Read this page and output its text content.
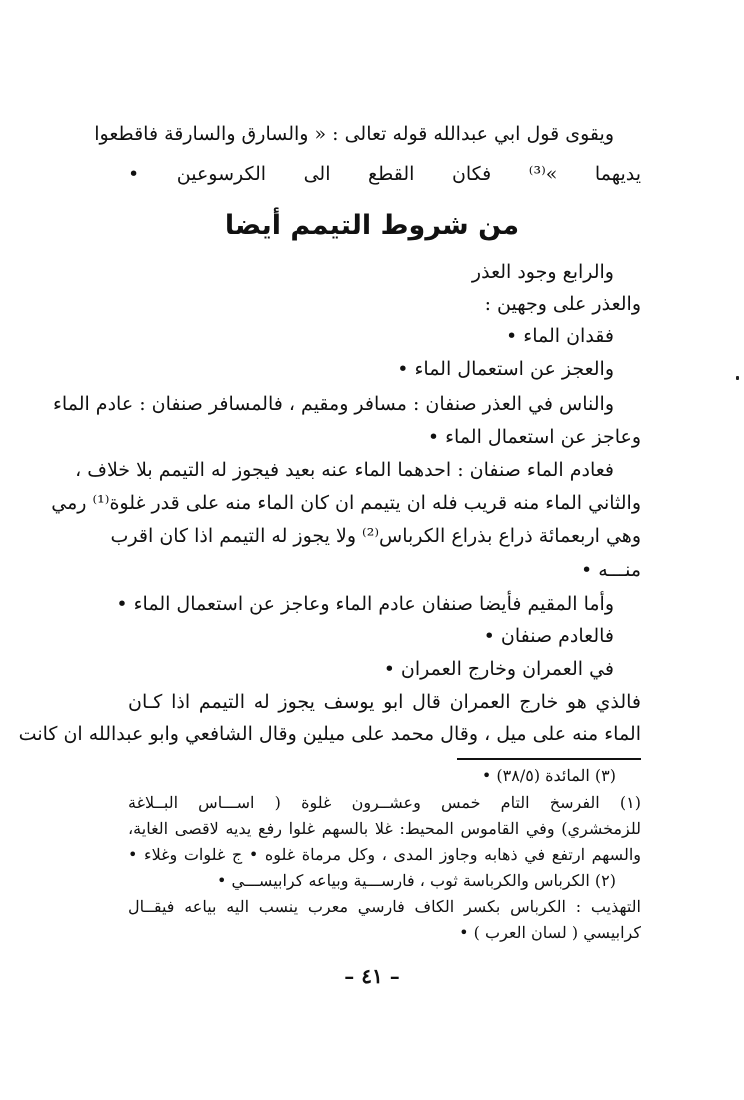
ويقوى قول ابي عبدالله قوله تعالى : « والسارق والسارقة فاقطعوا
يديهما »⁽³⁾ فكان القطع الى الكرسوعين •
من شروط التيمم أيضا
والرابع وجود العذر
والعذر على وجهين :
فقدان الماء •
والعجز عن استعمال الماء •
والناس في العذر صنفان : مسافر ومقيم ، فالمسافر صنفان : عادم الماء
وعاجز عن استعمال الماء •
فعادم الماء صنفان : احدهما الماء عنه بعيد فيجوز له التيمم بلا خلاف ،
والثاني الماء منه قريب فله ان يتيمم ان كان الماء منه على قدر غلوة⁽¹⁾ رمي
وهي اربعمائة ذراع بذراع الكرباس⁽²⁾ ولا يجوز له التيمم اذا كان اقرب
منـــه •
وأما المقيم فأيضا صنفان عادم الماء وعاجز عن استعمال الماء •
فالعادم صنفان •
في العمران وخارج العمران •
فالذي هو خارج العمران قال ابو يوسف يجوز له التيمم اذا كـان
الماء منه على ميل ، وقال محمد على ميلين وقال الشافعي وابو عبدالله ان كانت
(٣) المائدة (٣٨/٥) •
(١) الفرسخ التام خمس وعشــرون غلوة ( اســـاس البــلاغة
للزمخشري) وفي القاموس المحيط: غلا بالسهم غلوا رفع يديه لاقصى الغاية،
والسهم ارتفع في ذهابه وجاوز المدى ، وكل مرماة غلوه • ج غلوات وغلاء •
(٢) الكرباس والكرباسة ثوب ، فارســـية وبياعه كرابيســـي •
التهذيب : الكرباس بكسر الكاف فارسي معرب ينسب اليه بياعه فيقــال
كرابيسي ( لسان العرب ) •
– ٤١ –
